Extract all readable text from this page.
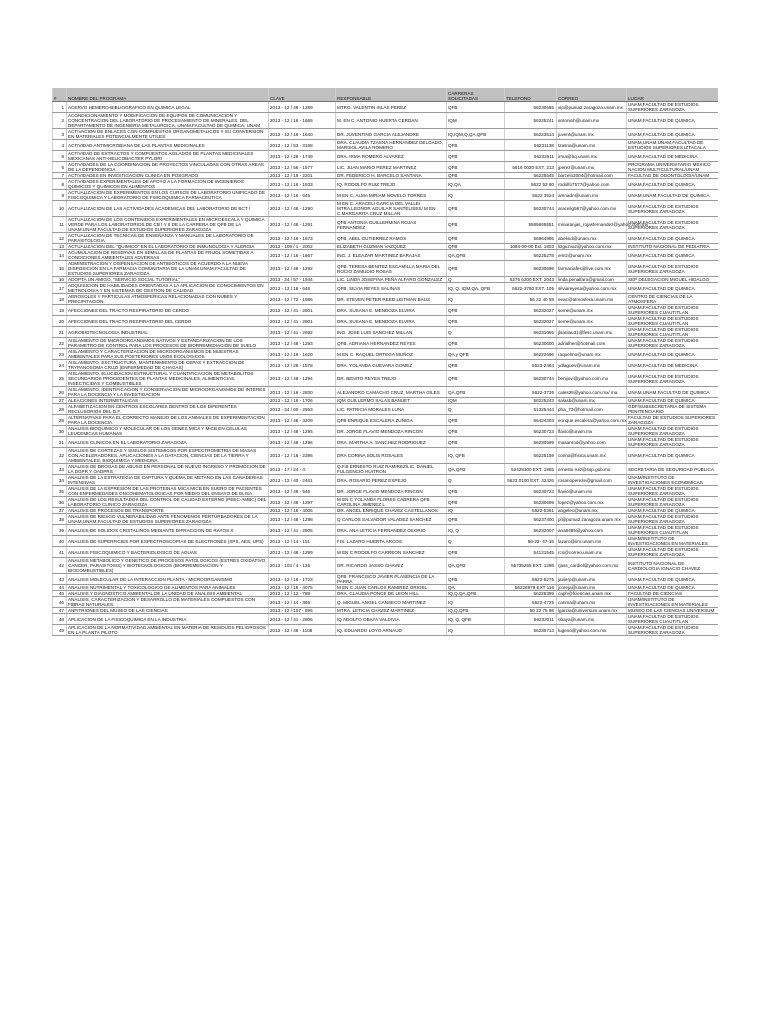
#	NOMBRE DEL PROGRAMA	CLAVE	RESPONSABLE	CARRERAS SOLICITADAS	TELEFONO	CORREO	LUGAR
1	ACERVO HEMERO-BIBLIOGRAFICO EN QUIMICA LEGAL	2013 - 12 / 48 - 1289	MTRO. VALENTIN ISLAS PEREZ	QFB	56230665	vip@puma2.zaragoza.unam.mx	UNAM,FACULTAD DE ESTUDIOS SUPERIORES ZARAGOZA
2	ACONDICIONAMIENTO Y MODIFICACION DE EQUIPOS DE COMUNICACION Y CONCENTRACION DEL LABORATORIO DE PROCESAMIENTO DE MINERALES, DEL DEPARTAMENTO DE INGENIERIA METALURGICA, UNAM.FACULTAD DE QUIMICA, UNAM	2013 - 12 / 16 - 1665	M. EN C. ANTONIO HUERTA CERDAN	IQM	56225241	antonioh@unam.mx	UNAM,FACULTAD DE QUIMICA
3	ACTIVACION DE ENLACES CON COMPUESTOS ORGANOMETALICOS Y SU CONVERSION EN MATERIALES POTENCIALMENTE UTILES.	2013 - 12 / 16 - 1640	DR. JUVENTINO GARCIA ALEJANDRE	IQ,IQM,Q,QA,QFB	56223514	juvent@unam.mx	UNAM,FACULTAD DE QUIMICA
4	ACTIVIDAD ANTIMICROBIANA DE LAS PLANTAS MEDICINALES	2013 - 12 / 53 - 3168	DRA. CLAUDIA TZASNA HERNANDEZ DELGADO, MARISOL AVILA ROMERO	QFB	56231138	tzasna@unam.mx	UNAM,UNAM,UNAM,FACULTAD DE ESTUDIOS SUPERIORES IZTACALA
5	ACTIVIDAD DE EXTRACTOS Y COMPUESTOS AISLADOS DE PLANTAS MEDICINALES MEXICANAS ANTI-HELICOBACTER PYLORI	2013 - 12 / 28 - 1749	DRA. IRMA ROMERO ALVAREZ	QFB	56232511	irma@bq.unam.mx	UNAM,FACULTAD DE MEDICINA
6	ACTIVIDADES DE LA COORDINACION DE PROYECTOS VINCULADAS CON OTRAS AREAS DE LA DEPENDENCIA	2013 - 12 / 56 - 1577	LIC. JUAN MARIO PEREZ MARTINEZ	QFB	5616 0020 EXT. 213	jperez@unam.mx	PROGRAMA UNIVERSITARIO MEXICO NACION MULTICULTURAL/UNAM
7	ACTIVIDADES EN INVESTIGACION CLINICA EN POSGRADO	2013 - 12 / 19 - 2201	DR. FEDERICO H. BARCELO SANTANA	QFB	56225545	barcelo2004@hotmail.com	FACULTAD DE ODONTOLOGIA/UNAM
8	ACTIVIDADES EXPERIMENTALES DE APOYO A LA FORMACION DE INGENIEROS QUIMICOS Y QUIMICOS EN ALIMENTOS	2013 - 12 / 16 - 1633	IQ. RODOLFO RUIZ TREJO	IQ,QA	5622 53 60	rodolfo7577@yahoo.com	UNAM,FACULTAD DE QUIMICA
9	ACTUALIZACION DE EXPERIMENTOS EN LOS CURSOS DE LABORATORIO UNIFICADO DE FISICOQUIMICA Y LABORATORIO DE FISICOQUIMICA FARMACEUTICA	2013 - 12 / 16 - 645	M EN C. ALMA MIRIAM NOVELO TORRES	IQ	5622 3524	amnadn@unam.mx	UNAM,UNAM,FACULTAD DE QUIMICA
10	ACTUALIZACION DE LAS ACTIVIDADES ACADEMICAS DEL LABORATORIO DE BCT I	2013 - 12 / 48 - 1290	M EN C. ARACELI GARCIA DEL VALLE/ MTRA.LEONOR AGUILAR SANTELISES/ M EN C.MARGARITA CRUZ MILLAN	QFB	56230744	aracelig567@yahoo.com.mx	UNAM,FACULTAD DE ESTUDIOS SUPERIORES ZARAGOZA
11	ACTUALIZACION DE LOS CONTENIDOS EXPERIMENTALES EN MICROESCALA Y QUIMICA VERDE PARA LOS LABORATORIOS DE CB I Y II DE LA CARRERA DE QFB DE LA UNAM.UNAM,FACULTAD DE ESTUDIOS SUPERIORES ZARAGOZA	2013 - 12 / 48 - 1291	QFB ANTONIA GUILLERMINA ROJAS FERNANDEZ	QFB	5585665551	minaranjas_rojasfernandez@yahoo.com.mx	UNAM,FACULTAD DE ESTUDIOS SUPERIORES ZARAGOZA
12	ACTUALIZACION DE TECNICAS DE ENSEÑANZA Y MANUALES DE LABORATORIO DE PARASITOLOGIA	2013 - 12 / 16 - 1673	QFB, ABEL GUTIERREZ RAMOS	QFB	56964995	abelind@unam.mx	UNAM,FACULTAD DE QUIMICA
13	ACTUALIZACION DEL "QUIMICO" EN EL LABORATORIO DE INMUNOLOGIA Y ALERGIA	2013 - 109 / 1 - 2002	ELIZABETH GUZMAN VAZQUEZ	QFB	1084-09-00 Ext. 1803	lizguzvaz@yahoo.com.mx	INSTITUTO NACIONAL DE PEDIATRIA
14	ACUMULACION DE RESERVAS EN SEMILLAS DE PLANTAS DE FRIJOL SOMETIDAS A CONDICIONES AMBIENTALES ADVERSAS	2013 - 12 / 16 - 1667	ING. J. ELEAZAR MARTINEZ BARAJAS	QA,QFB	56225278	emtz@unam.mx	UNAM,FACULTAD DE QUIMICA
15	ADMINISTRACION Y DISPENSACION DE ANTIBIOTICOS DE ACUERDO A LA NUEVA DISPOSICION EN LA FARMACIA COMUNITARIA DE LA UNAM.UNAM,FACULTAD DE ESTUDIOS SUPERIORES ZARAGOZA	2013 - 12 / 48 - 1292	QFB. TERESA BENITEZ ESCAMILLA MARIA DEL ROCIO ZAMUDIO ROSAS	QFB	56230698	farmaciafes@live.com.mx	UNAM,FACULTAD DE ESTUDIOS SUPERIORES ZARAGOZA
16	ADOPTA UN AMIGO, "SERVICIO SOCIAL TUTORIAL"	2013 - 34 / 57 - 1944	LIC. LINDA JOSEFINA PEÑA ALFARO GONZALEZ	Q	5276 6200 EXT. 2043	linda.penalfaro@gmail.com	SEP DELEGACION MIGUEL HIDALGO
17	ADQUISICION DE HABILIDADES ORIENTADAS A LA APLICACION DE CONOCIMIENTOS EN METROLOGIA Y EN SISTEMAS DE GESTION DE CALIDAD	2013 - 12 / 16 - 646	QFB. SILVIA REYES SALINAS	IQ, Q, IQM,QA, QFB	5622-3760 EXT. 105	silviareyesa@yahoo.com.mx	UNAM,FACULTAD DE QUIMICA
18	AEROSOLES Y PARTICULAS ATMOSFERICAS RELACIONADAS CON NUBES Y PRECIPITACION.	2013 - 12 / 72 - 1986	DR. STEVEN PETER REED LEITMAN BAUS	IQ	56 22 40 59	eeac@atmosfera.unam.mx	CENTRO DE CIENCIAS DE LA ATMOSFERA
19	AFECCIONES DEL TRACTO RESPIRATORIO DE CERDO	2013 - 12 / 41 - 2801	DRA. SUSANA E. MENDOZA ELVIRA	QFB	56232027	seme@unam.mx	UNAM,FACULTAD DE ESTUDIOS SUPERIORES CUAUTITLAN
20	AFECCIONES DEL TRACTO RESPIRATORIO DEL CERDO	2013 - 12 / 41 - 2801	DRA. SUSANA E. MENDOZA ELVIRA	QFB	56232027	seme@unam.mx	UNAM,FACULTAD DE ESTUDIOS SUPERIORES CUAUTITLAN
21	AGROBIOTECNOLOGIA INDUSTRIAL	2013 - 12 / 41 - 2692	ING. JOSE LUIS SANCHEZ MILLAN	Q	56231055	jlsanlau31@fesc.unam.mx	UNAM,FACULTAD DE ESTUDIOS SUPERIORES CUAUTITLAN
22	AISLAMIENTO DE MICROORGANISMOS NATIVOS Y ESTANDARIZACION DE LOS PARAMETRO DE CONTROL PARA LOS PROCESOS DE BIORREMEDIACION DE SUELO	2013 - 12 / 48 - 1293	QFB. ADRIANA HERNANDEZ REYES	QFB	56230600	adrialher@hotmail.com	UNAM,FACULTAD DE ESTUDIOS SUPERIORES ZARAGOZA
23	AISLAMIENTO Y CARACTERIZACION DE MICROORGANISMOS DE MUESTRAS AMBIENTALES PARA SUS POSTERIORES USOS ECOLOGICOS	2013 - 12 / 16 - 1620	M.EN C. RAQUEL ORTEGA MUÑOZ	QA y QFB	56222696	raquelmo@unam.mx	UNAM,FACULTAD DE QUIMICA
24	AISLAMIENTO, ESCTRUCTURA, MANTENIMIENTO DE CEPAS Y EXTRACCION DE TRYPANOSOMA CRUZI (ENFERMEDAD DE CHAGAS)	2013 - 12 / 28 - 1578	DRA. YOLANDA GUEVARA GOMEZ	QFB	5623-2464	ydlaguev@unam.mx	UNAM,FACULTAD DE MEDICINA
25	AISLAMIENTO, ELUCIDACION ESTRUCTURAL Y CUANTIFICACION DE METABOLITOS SECUNDARIOS PROCEDENTES DE PLANTAS MEDICINALES, ALIMENTICIAS, INSECTICIDAS Y COMBUSTIBLES	2013 - 12 / 48 - 1294	DR. BENITO REYES TREJO	QFB	56230744	benijovi@yahoo.com.mx	UNAM,FACULTAD DE ESTUDIOS SUPERIORES ZARAGOZA
26	AISLAMIENTO, IDENTIFICACION Y CONSERVACION DE MICROORGANISMOS DE INTERES PARA LA DOCENCIA Y LA INVESTIGACION	2013 - 12 / 16 - 2830	ALEJANDRO CAMACHO CRUZ, MARTHA GILES	QA,QFB	5622-3736	cales25@yahoo.com.mx/ ma	UNAM,UNAM,FACULTAD DE QUIMICA
27	ALEACIONES INTERMETALICAS	2013 - 12 / 16 - 1706	IQM GUILLERMO SALAS BANUET	IQM	56225243	salasb@unam.mx	UNAM,FACULTAD DE QUIMICA
28	ALFABETIZACION EN CENTROS ESCOLARES DENTRO DE LOS DIFERENTES RECLUSORIOS DEL D.F.	2013 - 34 / 60 - 2553	LIC. PATRICIA MORALES LUNA	Q	51325444	pha_73@hotmail.com	GDF/SUBSECRETARIA DE SISTEMA PENITENCIARIO
29	ALTERNATIVAS PARA EL CORRECTO MANEJO DE LOS ANIMALES DE EXPERIMENTACION PARA LA DOCENCIA.	2013 - 12 / 48 - 3209	QFB ENRIQUE ESCALERA ZUÑIGA	QFB	56424303	enrique.escalera@yahoo.com.mx	FACULTAD DE ESTUDIOS SUPERIORES ZARAGOZA
30	ANALISIS BIOQUIMICO Y MOLECULAR DE LOS GENES MICA Y MICB EN CELULAS LEUCEMICAS HUMANAS	2013 - 12 / 48 - 1295	DR. JORGE FLAVIO MENDOZA RINCON	QFB	56230723	flavio@unam.mx	UNAM,FACULTAD DE ESTUDIOS SUPERIORES ZARAGOZA
31	ANALISIS CLINICOS EN EL LABORATORIO ZARAGOZA	2013 - 12 / 48 - 1296	DRA. MARTHA A. SANCHEZ RODRIGUEZ	QFB	56230599	masanrod@yahoo.com	UNAM,FACULTAD DE ESTUDIOS SUPERIORES ZARAGOZA
32	ANALISIS DE CORTEZAS Y SUELOS SISTEMICOS POR ESPECTROMETRIA DE MASAS CON ACELERADORES, APLICACIONES A LA DATACION, CIENCIAS DE LA TIERRA Y AMBIENTALES, BIOQUIMICA Y MEDICINA.	2013 - 12 / 16 - 2396	DRA CORINA SOLIS ROSALES	IQ, QFB	56225159	corina@fisica.unam.mx	UNAM,FACULTAD DE QUIMICA
33	ANALISIS DE DROGAS DE ABUSO EN PERSONAL DE NUEVO INGRESO Y PROMOCION DE LA DGPR Y OADPRS	2013 - 17 / 24 - 4	Q.F.B ERNESTO RUIZ RAMIREZ/LIC. DANIEL FULGENCIO HUITRON	QA,QFB	52428100 EXT. 1865	ernesto.ruiz@ssp.gob.mx	SECRETARIA DE SEGURIDAD PUBLICA
34	ANALISIS DE LA ESTRATEGIA DE CAPTURA Y QUEMA DE METANO EN LAS GANADERIAS INTENSIVAS	2013 - 12 / 40 - 2461	DRA. ROSARIO PEREZ ESPEJO	Q	5623.0100 EXT. 42426	rosariopereze@gmail.com	UNAM/INSTITUTO DE INVESTIGACIONES ECONOMICAS
35	ANALISIS DE LA EXPRESION DE LAS PROTEINAS MICA MICB EN SUERO DE PACIENTES CON ENFERMEDADES ONCOHEMATOLOGICAS POR MEDIO DEL ENSAYO DE ELISA	2013 - 12 / 48 - 546	DR. JORGE FLAVIO MENDOZA RINCON	QFB	56230723	flavio@unam.mx	UNAM,FACULTAD DE ESTUDIOS SUPERIORES ZARAGOZA
36	ANALISIS DE LOS RESULTADOS DEL CONTROL DE CALIDAD EXTERNO (PEEC-AMBC) DEL LABORATORIO CLINICO ZARAGOZA	2013 - 12 / 48 - 1297	M EN C YOLANDA FLORES CABRERA QFB CAROLINA JIMENEZ L	QFB	56230699	lopez@yahoo.com.mx	UNAM,FACULTAD DE ESTUDIOS SUPERIORES ZARAGOZA
37	ANALISIS DE PROCESOS DE TRANSPORTE	2013 - 12 / 16 - 4005	DR. ANGEL ENRIQUE CHAVEZ CASTELLANOS	IQ	5622-5361	angelec@unam.mx	UNAM,FACULTAD DE QUIMICA
38	ANALISIS DE RIESGO VULNERABILIDAD ANTE FENOMENOS PERTURBADORES DE LA UNAM,UNAM,FACULTAD DE ESTUDIOS SUPERIORES ZARAGOZA	2013 - 12 / 48 - 1298	Q CARLOS SALVADOR VALADEZ SANCHEZ	QFB	56237400	pl@puma2.zaragoza.unam.mx	UNAM,FACULTAD DE ESTUDIOS SUPERIORES ZARAGOZA
39	ANALISIS DE SOLIDOS CRISTALINOS MEDIANTE DIFRACCION DE RAYOS X	2013 - 12 / 41 - 2805	DRA. ANA LETICIA FERNANDEZ OSORIO	IQ, Q	56232007	ana6485@yahoo.com	UNAM,FACULTAD DE ESTUDIOS SUPERIORES CUAUTITLAN
40	ANALISIS DE SUPERFICIES POR ESPECTROSCOPIAS DE ELECTRONES (XPS, AES, UPS)	2013 - 12 / 14 - 151	FIS. LAZARO HUERTA ARCOS	Q	56-22- 47-15	lazaro@iim.unam.mx	UNAM/INSTITUTO DE INVESTIGACIONES EN MATERIALES
41	ANALISIS FISICOQUIMICO Y BACTERIOLOGICO DE AGUAS	2013 - 12 / 48 - 1299	M EN C RODOLFO CARREON SANCHEZ	QFB	54121545	rcs@correo.unam.mx	UNAM,FACULTAD DE ESTUDIOS SUPERIORES ZARAGOZA
42	ANALISIS METABOLICO Y GENETICO DE PROCESOS PATOLOGICOS (ESTRES OXIDATIVO, CANCER, PARASITOSIS) Y BIOTECNOLOGICOS (BIORREMEDIACION Y BIOCOMBUSTIBLES)	2013 - 103 / 4 - 126	DR. RICARDO JASSO CHAVEZ	QA,QFB	55735255 EXT. 1298	rjass_cardiol@yahoo.com.mx	INSTITUTO NACIONAL DE CARDIOLOGIA IGNACIO CHAVEZ
43	ANALISIS MOLECULAR DE LA INTERACCION PLANTA - MICROORGANISMO	2013 - 12 / 16 - 1723	QFB. FRANCISCO JAVIER PLASENCIA DE LA PARRA	QFB	5622-5275	javierp@unam.mx	UNAM,FACULTAD DE QUIMICA
44	ANALISIS NUTRIMENTAL Y TOXICOLOGICO DE ALIMENTOS PARA ANIMALES	2013 - 12 / 16 - 4075	M EN C JUAN CARLOS RAMIREZ ORIGEL	QA	56226979 EXT 116	jcoreja@unam.mx	UNAM,FACULTAD DE QUIMICA
45	ANALISIS Y DIAGNOSTICO AMBIENTAL DE LA UNIDAD DE ANALISIS AMBIENTAL	2013 - 12 / 12 - 788	DRA. CLAUDIA PONCE DE LEON HILL	IQ,Q,QA,QFB	56225399	caph@fciencias.unam.mx	FACULTAD DE CIENCIAS
46	ANALISIS, CARACTERIZACION Y DESARROLLO DE MATERIALES COMPUESTOS CON FIBRAS NATURALES.	2013 - 12 / 14 - 365	Q. MIGUEL ANGEL CANSECO MARTINEZ	IQ	5622-4725	canma@unam.mx	UNAM/INSTITUTO DE INVESTIGACIONES EN MATERIALES
47	ANFITRIONES DEL MUSEO DE LAS CIENCIAS	2013 - 12 / 107 - 595	MTRA. LETICIA CHAVEZ MARTINEZ	IQ,Q,QFB	56 22 75 98	lgarcia@universum.unam.mx	MUSEO DE LAS CIENCIAS UNIVERSUM
48	APLICACION DE LA FISICOQUIMICA EN LA INDUSTRIA	2013 - 12 / 41 - 2806	IQ ADOLFO OBAYA VALDIVIA	IQ, Q, QFB	56232011	obaya@unam.mx	UNAM,FACULTAD DE ESTUDIOS SUPERIORES CUAUTITLAN
49	APLICACION DE LA NORMATIVIDAD AMBIENTAL EN MATERIA DE RESIDUOS PELIGROSOS EN LA PLANTA PILOTO	2013 - 12 / 48 - 1108	IQ. EDUARDO LOYO ARNAUD	IQ	56230713	lugeno@yahoo.com.mx	UNAM,FACULTAD DE ESTUDIOS SUPERIORES ZARAGOZA
